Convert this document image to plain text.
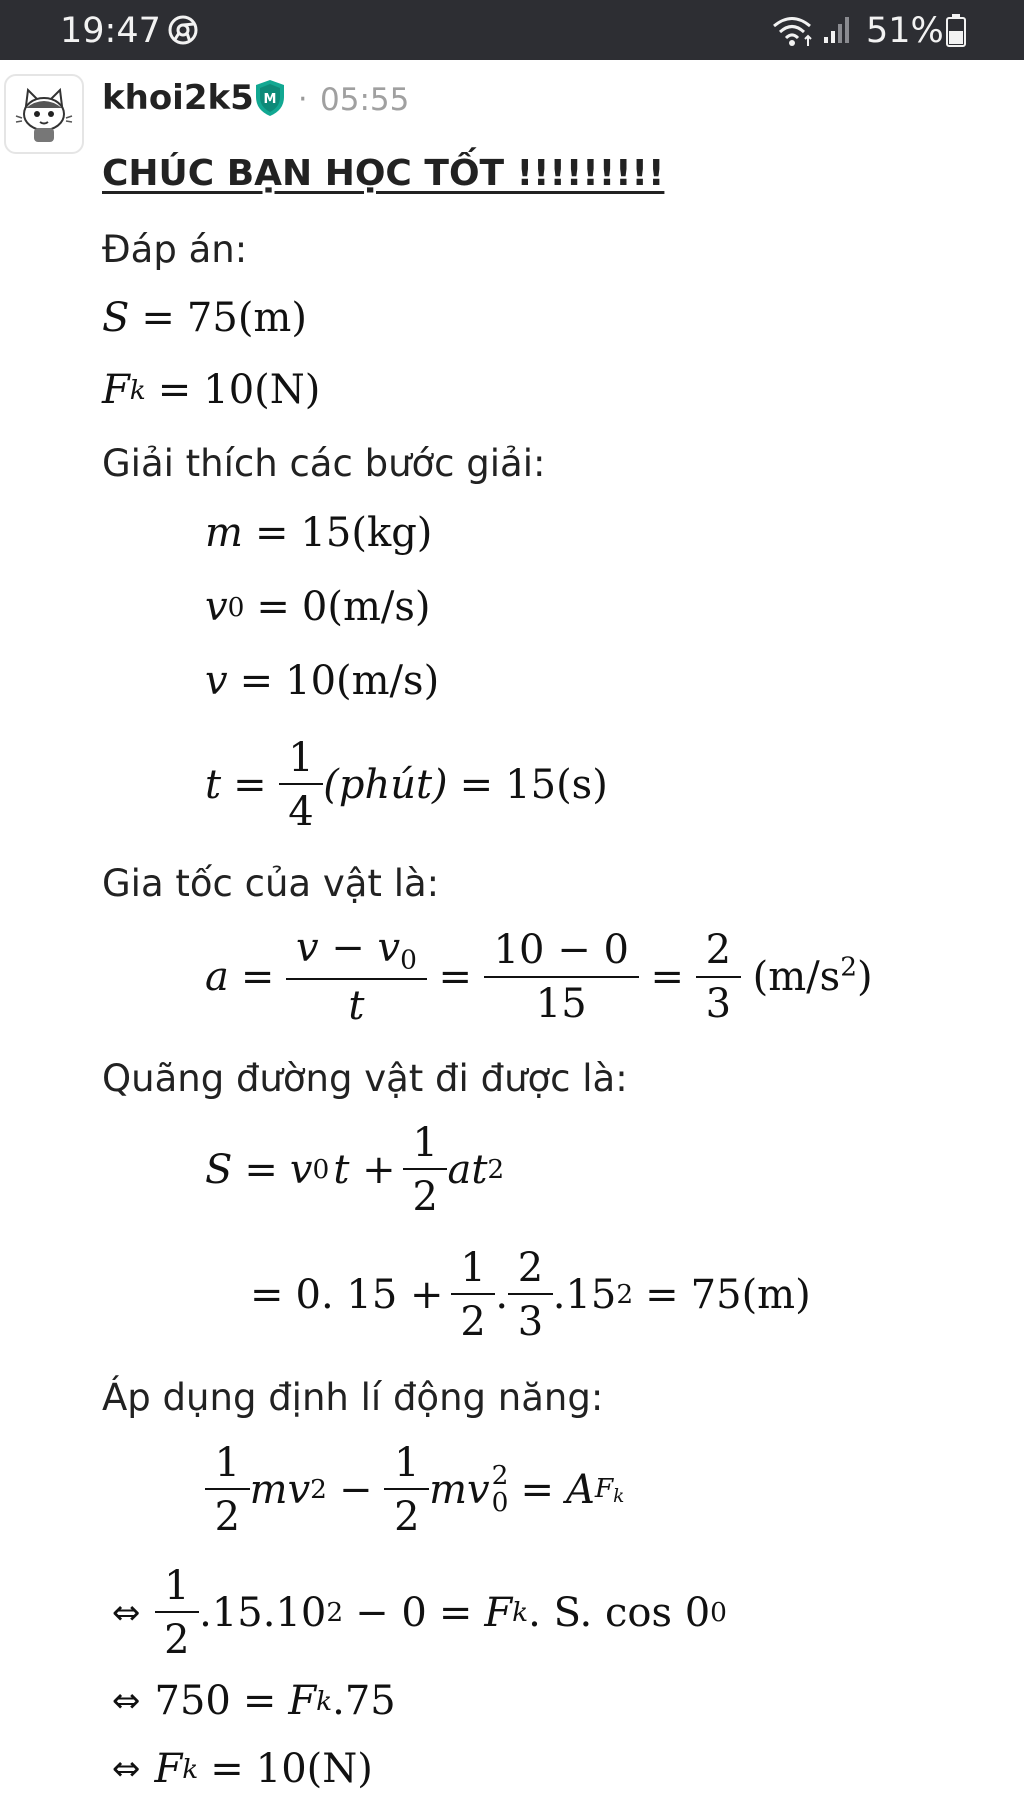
19:47	51%
khoi2k5 M · 05:55
CHÚC BẠN HỌC TỐT !!!!!!!!!
Đáp án:
S = 75(m)
F k = 10(N)
Giải thích các bước giải:
m = 15(kg)
v 0 = 0(m/s)
v = 10(m/s)
$t = \frac{1}{4}$ (phút) = 15(s)
Gia tốc của vật là:
$a = \frac{v - v_0}{t} = \frac{10 - 0}{15} = \frac{2}{3} (m/s^2)$
Quãng đường vật đi được là:
S = v 0 $t + \frac{1}{2}$ at 2
= 0. $15 + \frac{1}{2}$ . $\frac{2}{3} .15$ 2 = 75(m)
Áp dụng định lí động năng:
$\frac{1}{2}$ mv $2 - \frac{1}{2}$ mv 2
0 = A $F_k$
⇔ $\frac{1}{2} .15.10$ 2 − 0 = F k . S. cos 0 0
⇔ 750 = F k .75
⇔ F k = 10(N)
